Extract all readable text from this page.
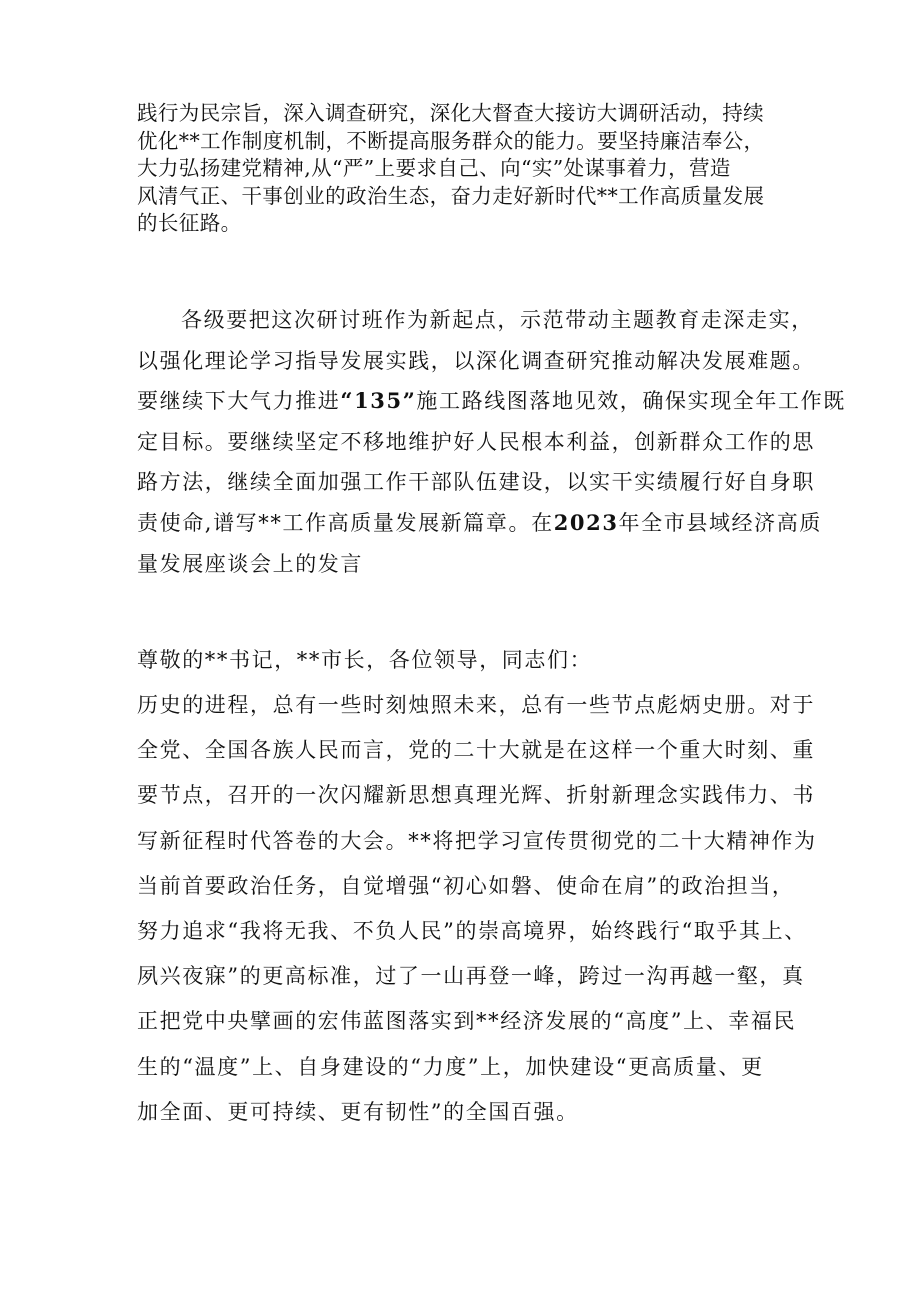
践行为民宗旨，深入调查研究，深化大督查大接访大调研活动，持续

优化**工作制度机制，不断提高服务群众的能力。要坚持廉洁奉公，

大力弘扬建党精神,从“严”上要求自己、向“实”处谋事着力，营造

风清气正、干事创业的政治生态，奋力走好新时代**工作高质量发展

的长征路。

各级要把这次研讨班作为新起点，示范带动主题教育走深走实，

以强化理论学习指导发展实践，以深化调查研究推动解决发展难题。

要继续下大气力推进“135”施工路线图落地见效，确保实现全年工作既

定目标。要继续坚定不移地维护好人民根本利益，创新群众工作的思

路方法，继续全面加强工作干部队伍建设，以实干实绩履行好自身职

责使命,谱写**工作高质量发展新篇章。在2023年全市县域经济高质

量发展座谈会上的发言

尊敬的**书记，**市长，各位领导，同志们：

历史的进程，总有一些时刻烛照未来，总有一些节点彪炳史册。对于

全党、全国各族人民而言，党的二十大就是在这样一个重大时刻、重

要节点，召开的一次闪耀新思想真理光辉、折射新理念实践伟力、书

写新征程时代答卷的大会。**将把学习宣传贯彻党的二十大精神作为

当前首要政治任务，自觉增强“初心如磐、使命在肩”的政治担当，

努力追求“我将无我、不负人民”的崇高境界，始终践行“取乎其上、

夙兴夜寐”的更高标准，过了一山再登一峰，跨过一沟再越一壑，真

正把党中央擘画的宏伟蓝图落实到**经济发展的“高度”上、幸福民

生的“温度”上、自身建设的“力度”上，加快建设“更高质量、更

加全面、更可持续、更有韧性”的全国百强。
